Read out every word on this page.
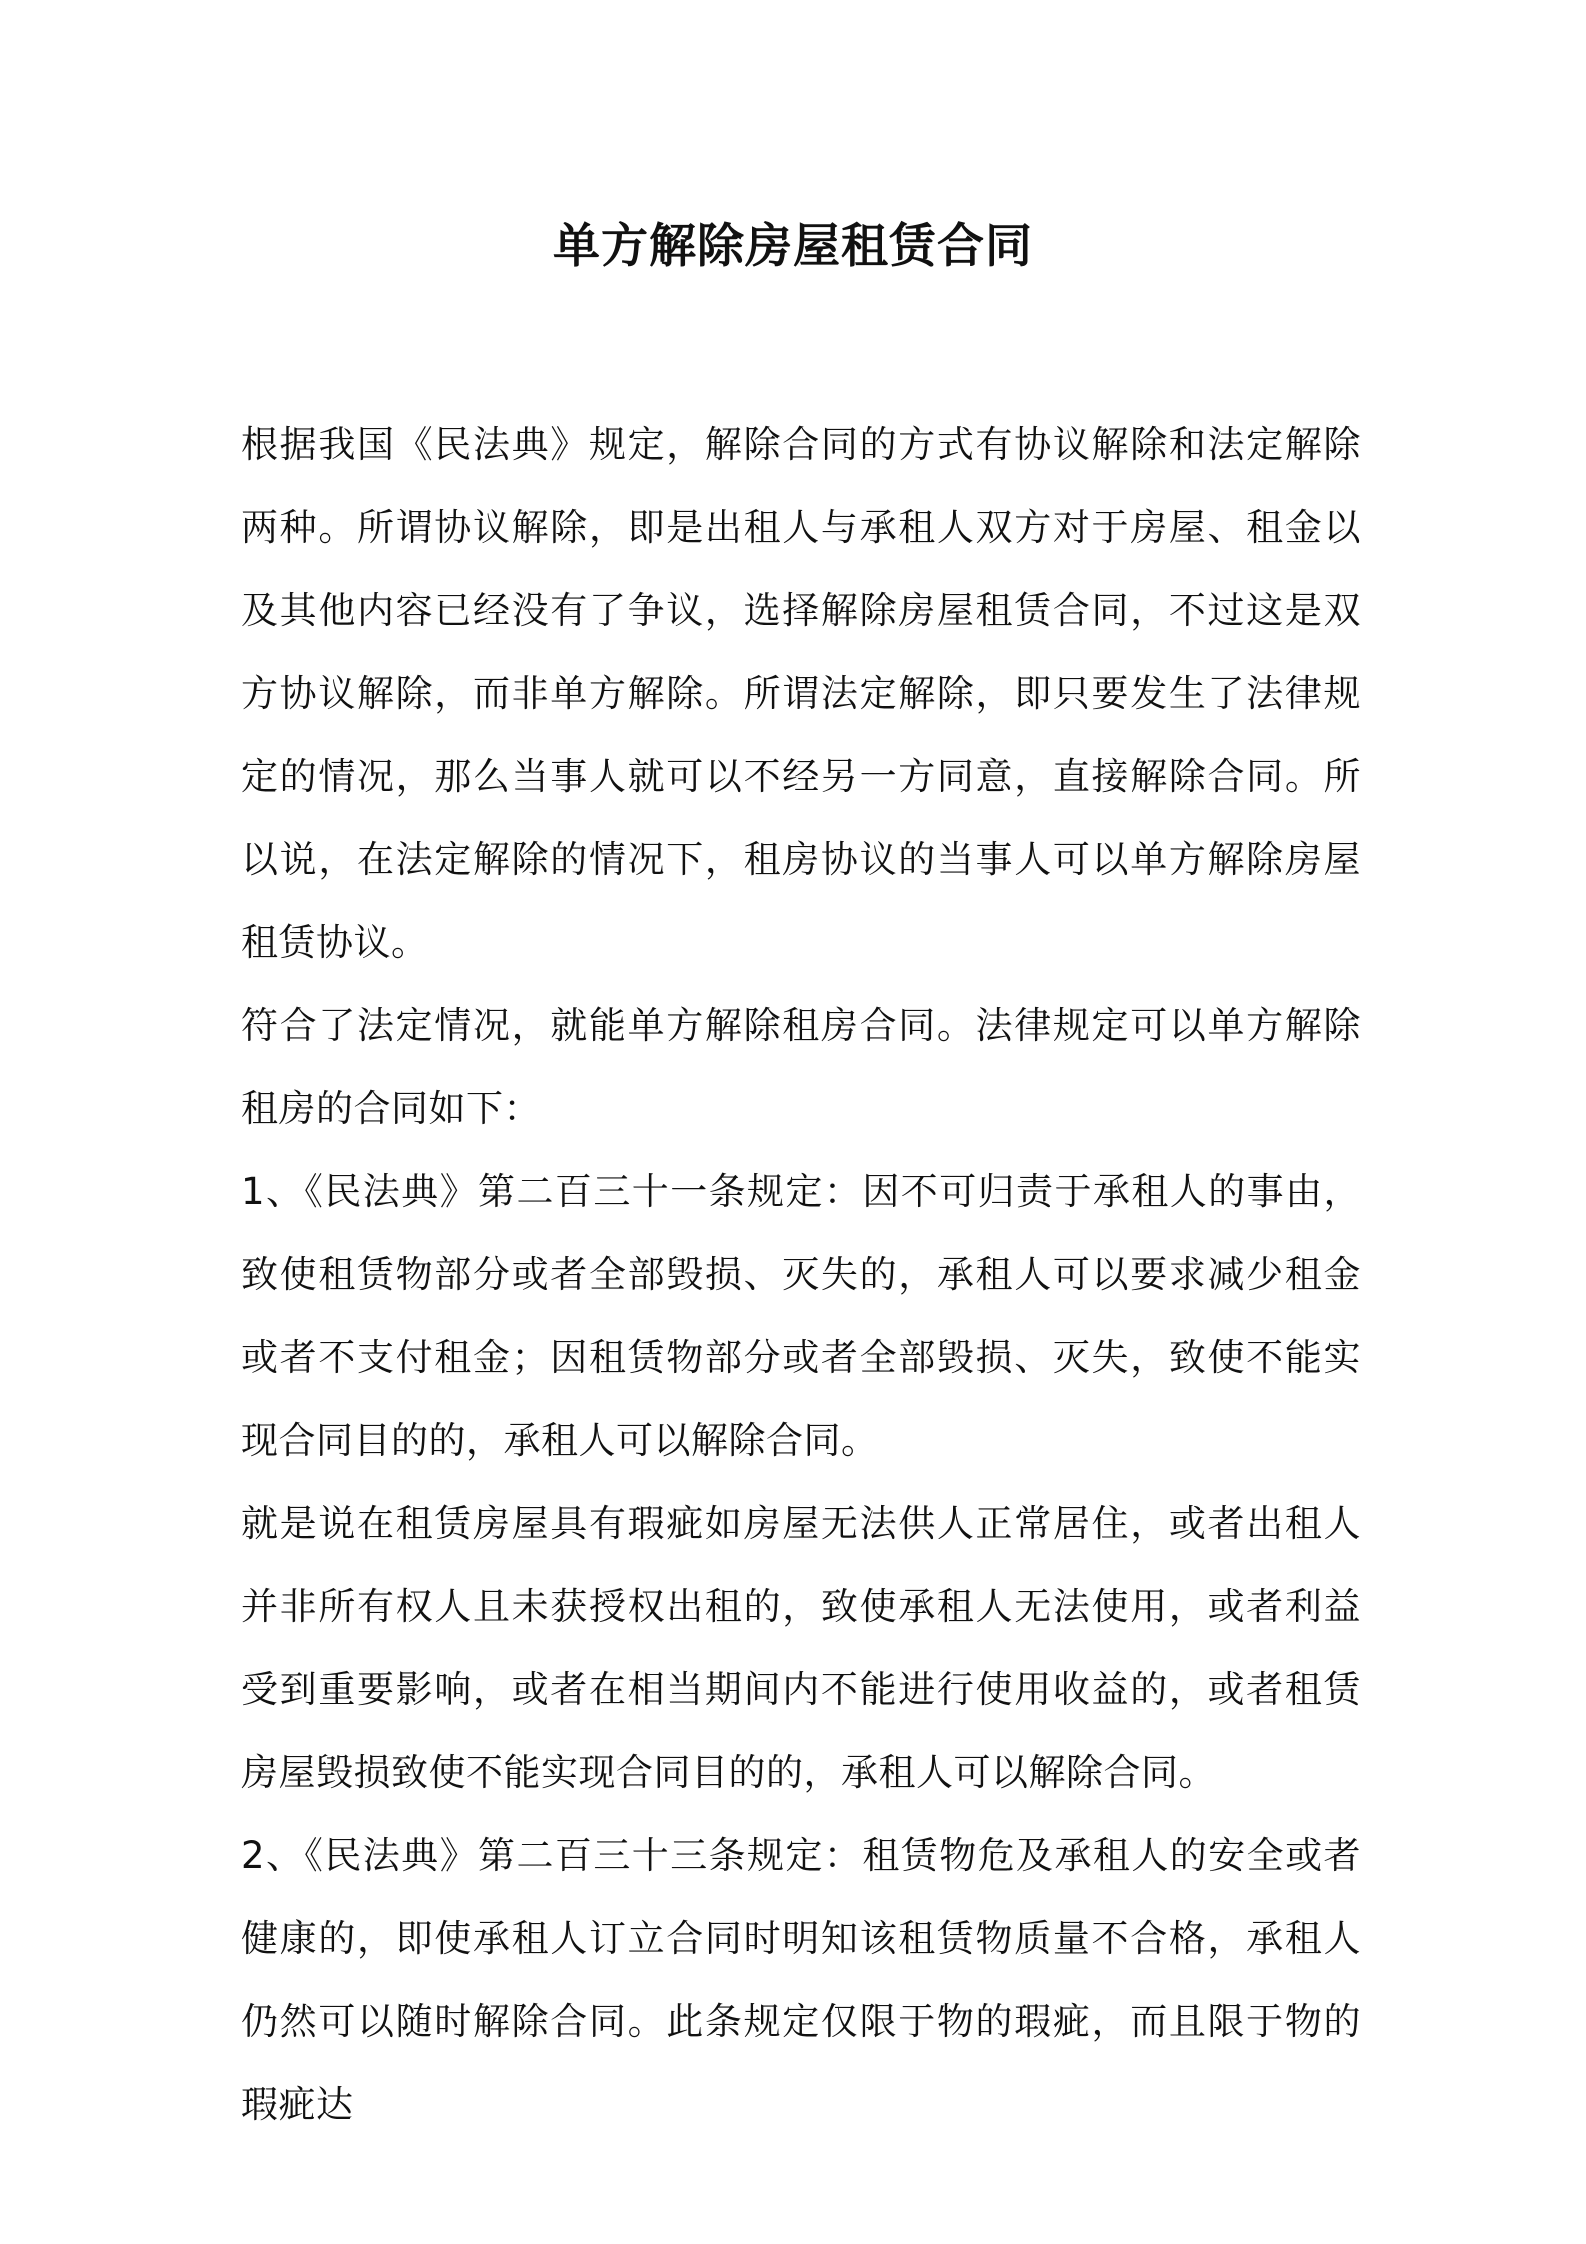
单方解除房屋租赁合同

根据我国《民法典》规定，解除合同的方式有协议解除和法定解除两种。所谓协议解除，即是出租人与承租人双方对于房屋、租金以及其他内容已经没有了争议，选择解除房屋租赁合同，不过这是双方协议解除，而非单方解除。所谓法定解除，即只要发生了法律规定的情况，那么当事人就可以不经另一方同意，直接解除合同。所以说，在法定解除的情况下，租房协议的当事人可以单方解除房屋租赁协议。

符合了法定情况，就能单方解除租房合同。法律规定可以单方解除租房的合同如下：

1、《民法典》第二百三十一条规定：因不可归责于承租人的事由，致使租赁物部分或者全部毁损、灭失的，承租人可以要求减少租金或者不支付租金；因租赁物部分或者全部毁损、灭失，致使不能实现合同目的的，承租人可以解除合同。

就是说在租赁房屋具有瑕疵如房屋无法供人正常居住，或者出租人并非所有权人且未获授权出租的，致使承租人无法使用，或者利益受到重要影响，或者在相当期间内不能进行使用收益的，或者租赁房屋毁损致使不能实现合同目的的，承租人可以解除合同。

2、《民法典》第二百三十三条规定：租赁物危及承租人的安全或者健康的，即使承租人订立合同时明知该租赁物质量不合格，承租人仍然可以随时解除合同。此条规定仅限于物的瑕疵，而且限于物的瑕疵达
